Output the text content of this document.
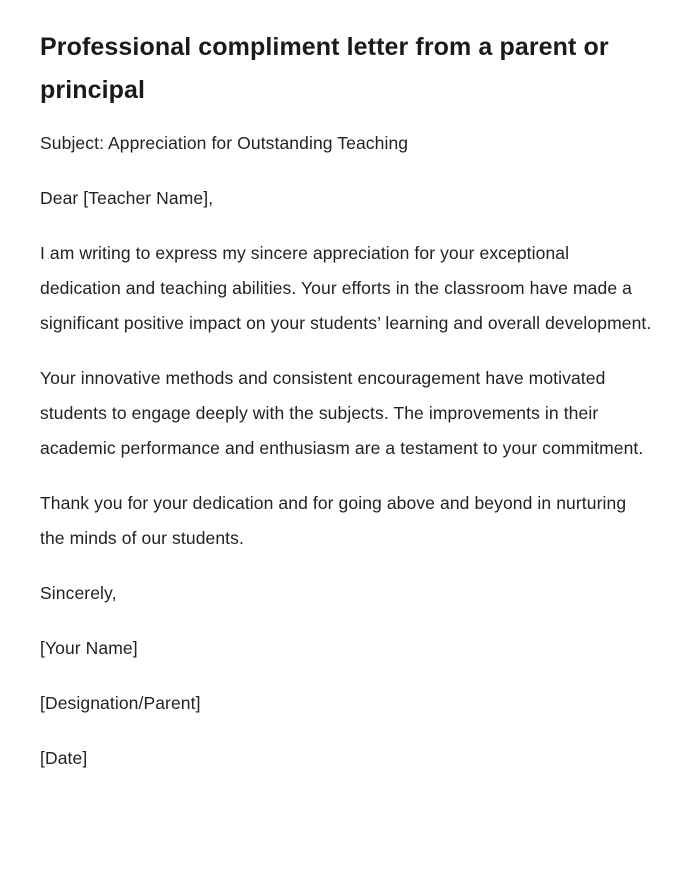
Professional compliment letter from a parent or principal

Subject: Appreciation for Outstanding Teaching

Dear [Teacher Name],

I am writing to express my sincere appreciation for your exceptional dedication and teaching abilities. Your efforts in the classroom have made a significant positive impact on your students’ learning and overall development.

Your innovative methods and consistent encouragement have motivated students to engage deeply with the subjects. The improvements in their academic performance and enthusiasm are a testament to your commitment.

Thank you for your dedication and for going above and beyond in nurturing the minds of our students.

Sincerely,

[Your Name]

[Designation/Parent]

[Date]
